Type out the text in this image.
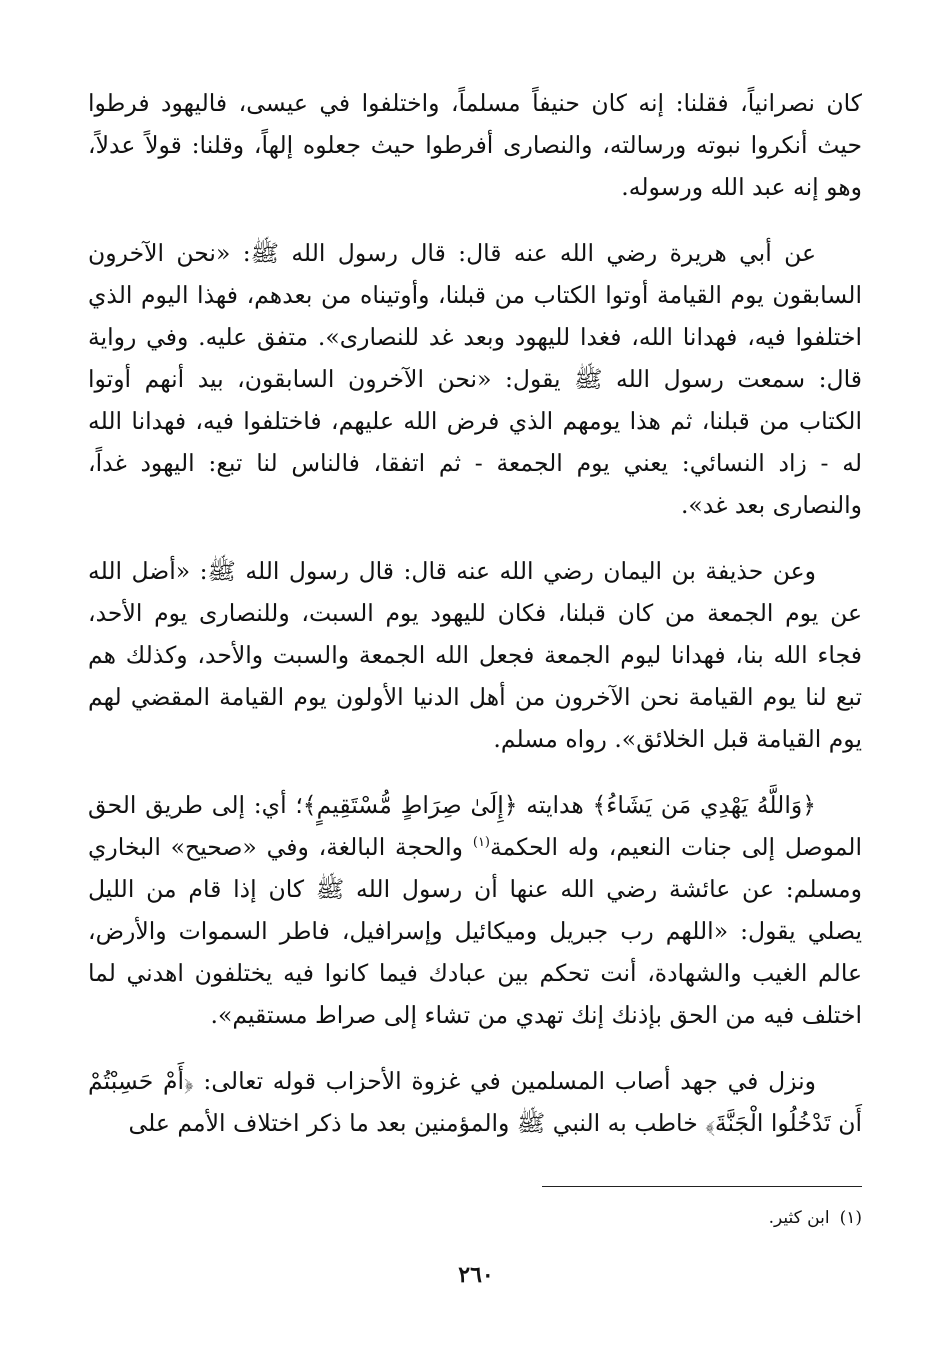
كان نصرانياً، فقلنا: إنه كان حنيفاً مسلماً، واختلفوا في عيسى، فاليهود فرطوا حيث أنكروا نبوته ورسالته، والنصارى أفرطوا حيث جعلوه إلهاً، وقلنا: قولاً عدلاً، وهو إنه عبد الله ورسوله.

عن أبي هريرة رضي الله عنه قال: قال رسول الله ﷺ: «نحن الآخرون السابقون يوم القيامة أوتوا الكتاب من قبلنا، وأوتيناه من بعدهم، فهذا اليوم الذي اختلفوا فيه، فهدانا الله، فغدا لليهود وبعد غد للنصارى». متفق عليه. وفي رواية قال: سمعت رسول الله ﷺ يقول: «نحن الآخرون السابقون، بيد أنهم أوتوا الكتاب من قبلنا، ثم هذا يومهم الذي فرض الله عليهم، فاختلفوا فيه، فهدانا الله له - زاد النسائي: يعني يوم الجمعة - ثم اتفقا، فالناس لنا تبع: اليهود غداً، والنصارى بعد غد».

وعن حذيفة بن اليمان رضي الله عنه قال: قال رسول الله ﷺ: «أضل الله عن يوم الجمعة من كان قبلنا، فكان لليهود يوم السبت، وللنصارى يوم الأحد، فجاء الله بنا، فهدانا ليوم الجمعة فجعل الله الجمعة والسبت والأحد، وكذلك هم تبع لنا يوم القيامة نحن الآخرون من أهل الدنيا الأولون يوم القيامة المقضي لهم يوم القيامة قبل الخلائق». رواه مسلم.

﴿وَاللَّهُ يَهْدِي مَن يَشَاءُ﴾ هدايته ﴿إِلَىٰ صِرَاطٍ مُّسْتَقِيمٍ﴾؛ أي: إلى طريق الحق الموصل إلى جنات النعيم، وله الحكمة$^{(١)}$ والحجة البالغة، وفي «صحيح» البخاري ومسلم: عن عائشة رضي الله عنها أن رسول الله ﷺ كان إذا قام من الليل يصلي يقول: «اللهم رب جبريل وميكائيل وإسرافيل، فاطر السموات والأرض، عالم الغيب والشهادة، أنت تحكم بين عبادك فيما كانوا فيه يختلفون اهدني لما اختلف فيه من الحق بإذنك إنك تهدي من تشاء إلى صراط مستقيم».

ونزل في جهد أصاب المسلمين في غزوة الأحزاب قوله تعالى: ﴿أَمْ حَسِبْتُمْ أَن تَدْخُلُوا الْجَنَّةَ﴾ خاطب به النبي ﷺ والمؤمنين بعد ما ذكر اختلاف الأمم على

(١)ابن كثير.
٢٦٠
